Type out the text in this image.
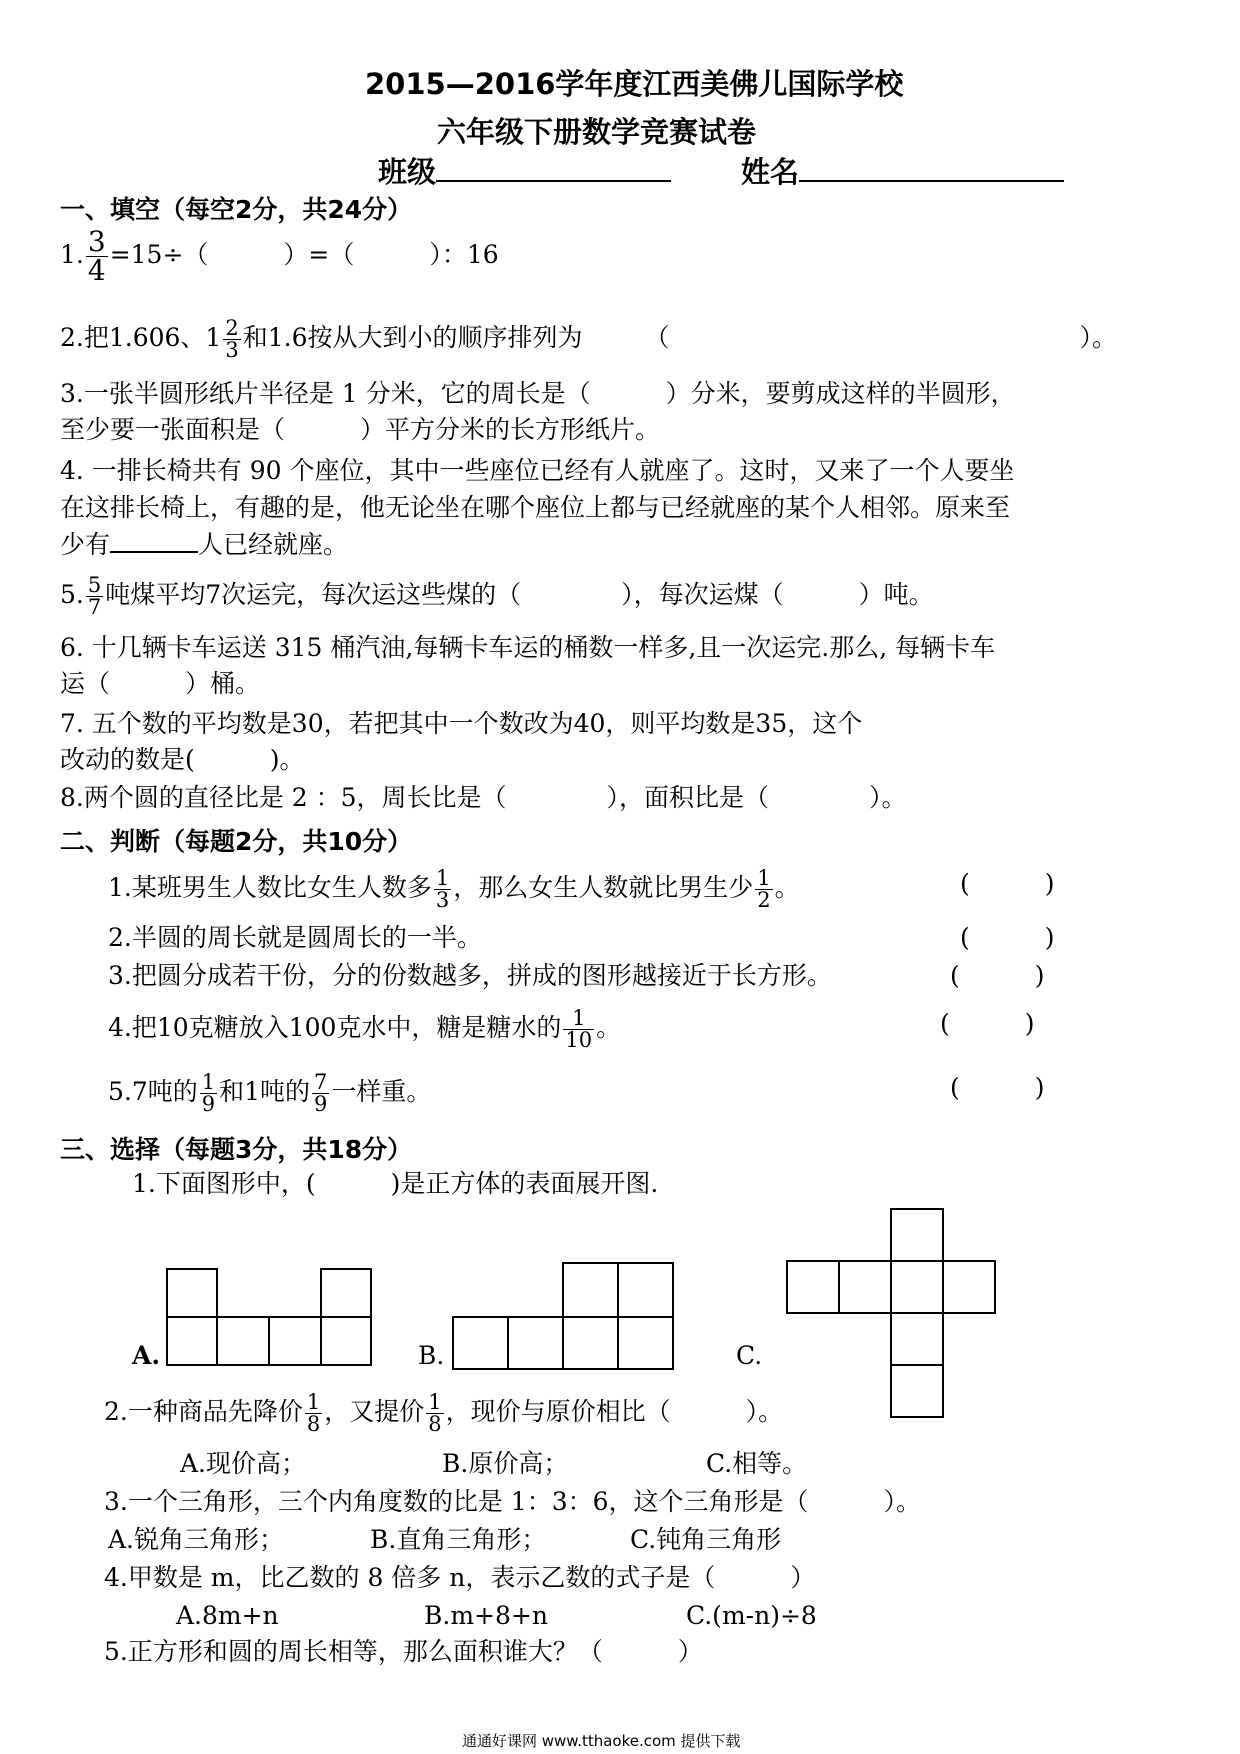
2015—2016学年度江西美佛儿国际学校
六年级下册数学竞赛试卷
班级	姓名
一、填空（每空2分，共24分）
1. $\frac{3}{4} =15\div$（　　　）=（　　　）：16
2.把1.606、$1 \frac{2}{3}$ 和1.6按从大到小的顺序排列为 （	）。
3.一张半圆形纸片半径是 1 分米，它的周长是（　　　）分米，要剪成这样的半圆形，
至少要一张面积是（　　　）平方分米的长方形纸片。
4. 一排长椅共有 90 个座位，其中一些座位已经有人就座了。这时，又来了一个人要坐
在这排长椅上，有趣的是，他无论坐在哪个座位上都与已经就座的某个人相邻。原来至
少有	人已经就座。
5. $\frac{5}{7}$ 吨煤平均7次运完，每次运这些煤的（　　　　），每次运煤（　　　）吨。
6. 十几辆卡车运送 315 桶汽油,每辆卡车运的桶数一样多,且一次运完.那么, 每辆卡车
运（　　　）桶。
7. 五个数的平均数是30，若把其中一个数改为40，则平均数是35，这个
改动的数是(　　　)。
8.两个圆的直径比是 2 ：5，周长比是（　　　　），面积比是（　　　　）。
二、判断（每题2分，共10分）
1.某班男生人数比女生人数多 $\frac{1}{3}$ ，那么女生人数就比男生少 $\frac{1}{2}$ 。	(　　　)
2.半圆的周长就是圆周长的一半。	(　　　)
3.把圆分成若干份，分的份数越多，拼成的图形越接近于长方形。	(　　　)
4.把10克糖放入100克水中，糖是糖水的 $\frac{1}{10}$ 。	(　　　)
5.7吨的 $\frac{1}{9}$ 和1吨的 $\frac{7}{9}$ 一样重。	(　　　)
三、选择（每题3分，共18分）
1.下面图形中，(　　　)是正方体的表面展开图.
A.	B.	C.
2.一种商品先降价 $\frac{1}{8}$ ，又提价 $\frac{1}{8}$ ，现价与原价相比（　　　）。
A.现价高；	B.原价高；	C.相等。
3.一个三角形，三个内角度数的比是 1：3：6，这个三角形是（　　　）。
A.锐角三角形；	B.直角三角形；	C.钝角三角形
4.甲数是 m，比乙数的 8 倍多 n，表示乙数的式子是（　　　）
A.8m+n	B.m+8+n	C.(m-n)÷8
5.正方形和圆的周长相等，那么面积谁大？（　　　）
通通好课网 www.tthaoke.com 提供下载
